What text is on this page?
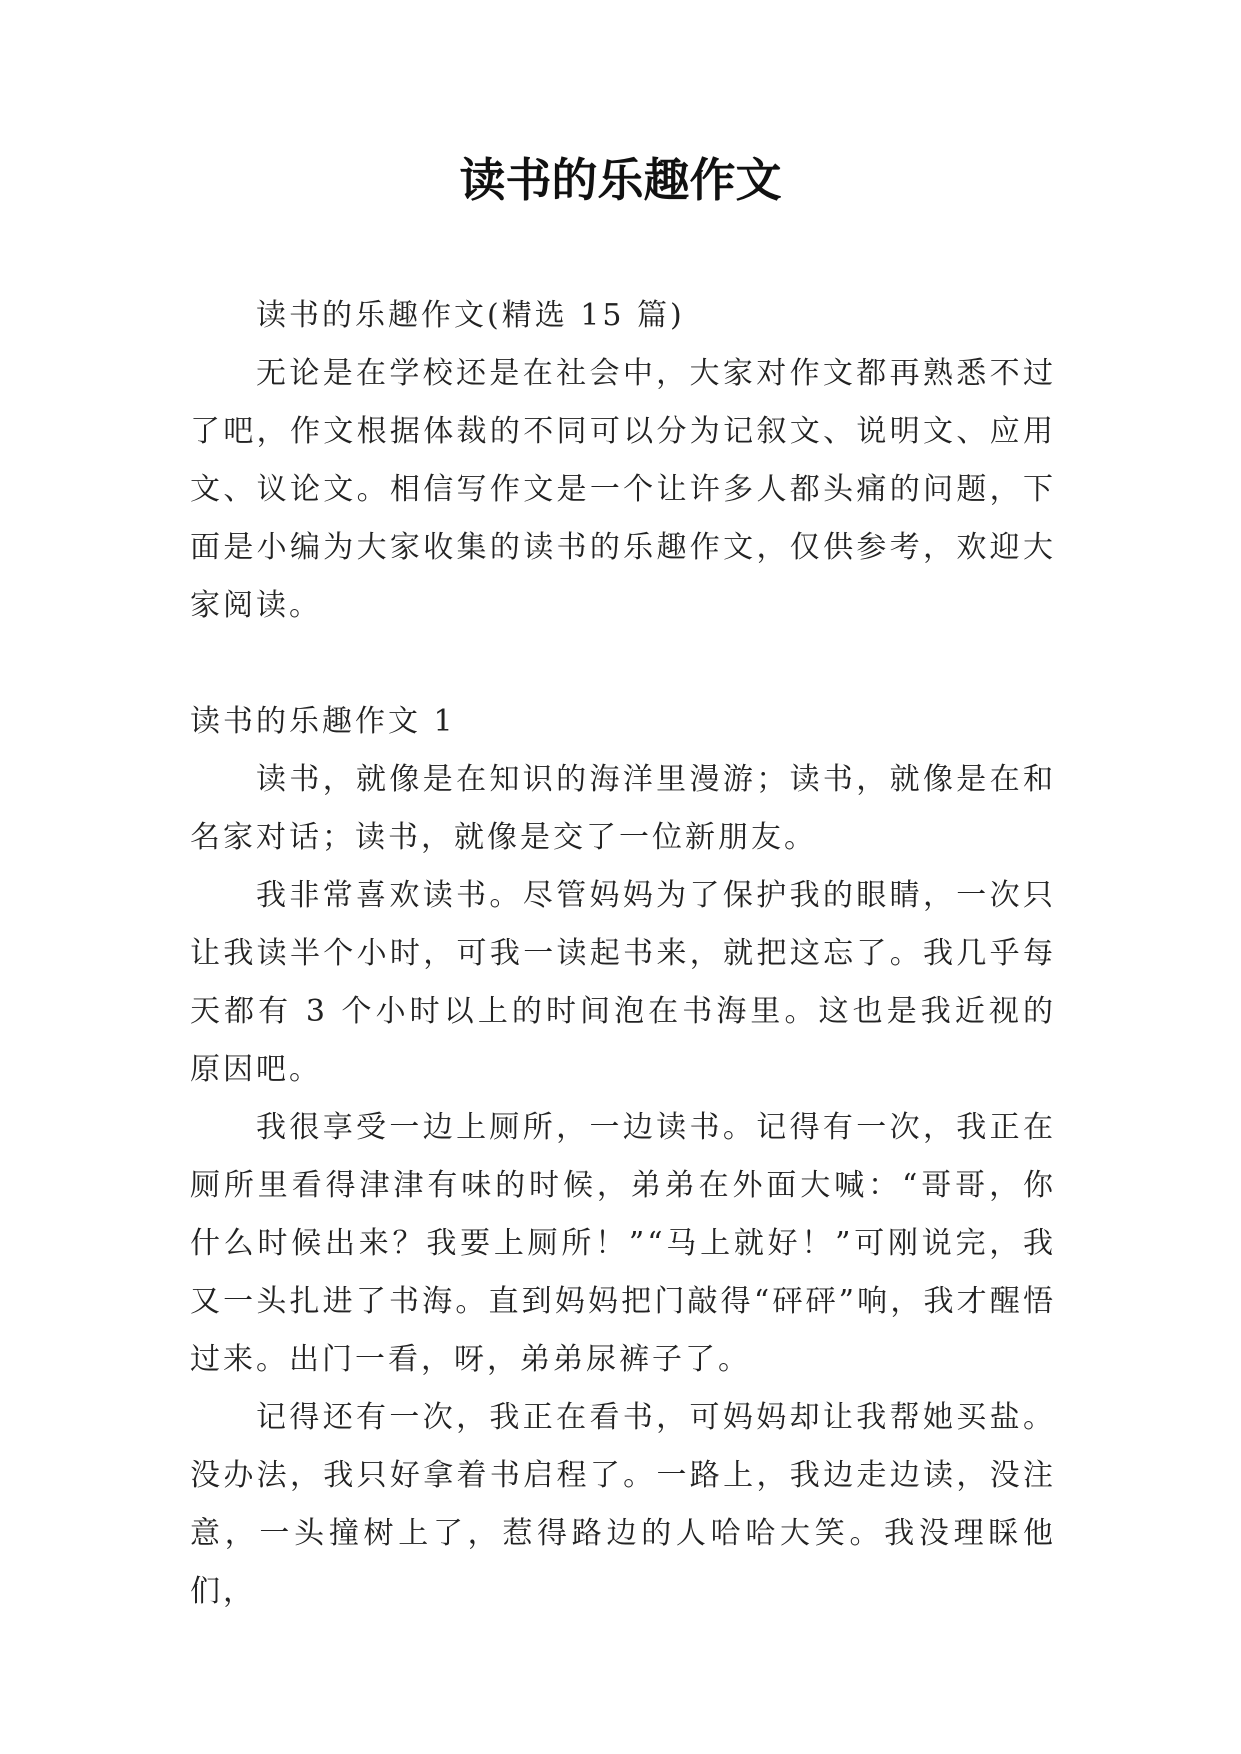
读书的乐趣作文

读书的乐趣作文(精选 15 篇)

无论是在学校还是在社会中，大家对作文都再熟悉不过了吧，作文根据体裁的不同可以分为记叙文、说明文、应用文、议论文。相信写作文是一个让许多人都头痛的问题，下面是小编为大家收集的读书的乐趣作文，仅供参考，欢迎大家阅读。

读书的乐趣作文 1

读书，就像是在知识的海洋里漫游；读书，就像是在和名家对话；读书，就像是交了一位新朋友。

我非常喜欢读书。尽管妈妈为了保护我的眼睛，一次只让我读半个小时，可我一读起书来，就把这忘了。我几乎每天都有 3 个小时以上的时间泡在书海里。这也是我近视的原因吧。

我很享受一边上厕所，一边读书。记得有一次，我正在厕所里看得津津有味的时候，弟弟在外面大喊：“哥哥，你什么时候出来？我要上厕所！”“马上就好！”可刚说完，我又一头扎进了书海。直到妈妈把门敲得“砰砰”响，我才醒悟过来。出门一看，呀，弟弟尿裤子了。

记得还有一次，我正在看书，可妈妈却让我帮她买盐。没办法，我只好拿着书启程了。一路上，我边走边读，没注意，一头撞树上了，惹得路边的人哈哈大笑。我没理睬他们，
